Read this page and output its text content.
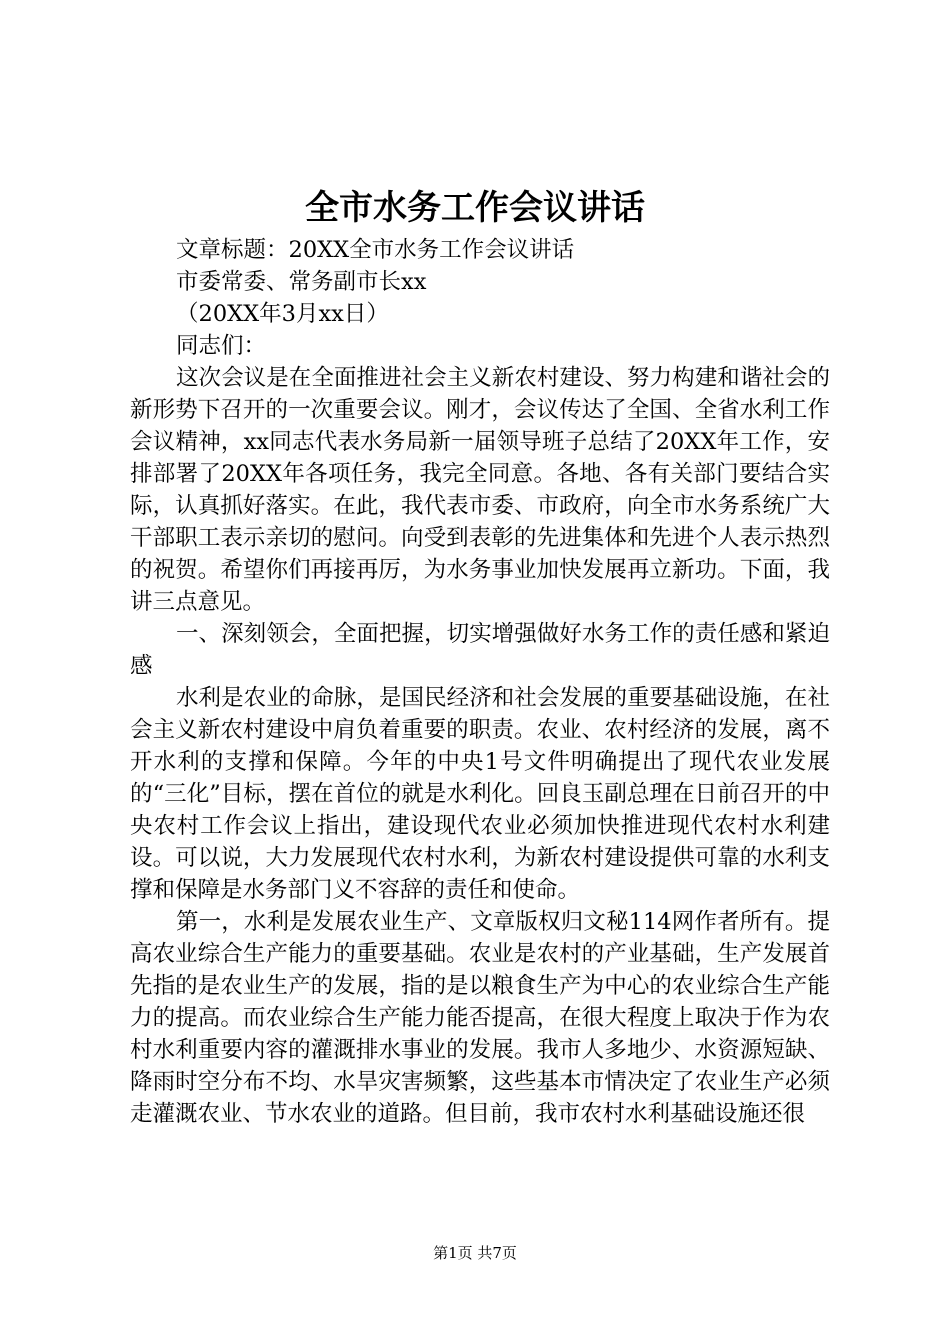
全市水务工作会议讲话

文章标题：20XX全市水务工作会议讲话

市委常委、常务副市长xx

（20XX年3月xx日）

同志们：

这次会议是在全面推进社会主义新农村建设、努力构建和谐社会的新形势下召开的一次重要会议。刚才，会议传达了全国、全省水利工作会议精神，xx同志代表水务局新一届领导班子总结了20XX年工作，安排部署了20XX年各项任务，我完全同意。各地、各有关部门要结合实际，认真抓好落实。在此，我代表市委、市政府，向全市水务系统广大干部职工表示亲切的慰问。向受到表彰的先进集体和先进个人表示热烈的祝贺。希望你们再接再厉，为水务事业加快发展再立新功。下面，我讲三点意见。

一、深刻领会，全面把握，切实增强做好水务工作的责任感和紧迫感

水利是农业的命脉，是国民经济和社会发展的重要基础设施，在社会主义新农村建设中肩负着重要的职责。农业、农村经济的发展，离不开水利的支撑和保障。今年的中央1号文件明确提出了现代农业发展的“三化”目标，摆在首位的就是水利化。回良玉副总理在日前召开的中央农村工作会议上指出，建设现代农业必须加快推进现代农村水利建设。可以说，大力发展现代农村水利，为新农村建设提供可靠的水利支撑和保障是水务部门义不容辞的责任和使命。

第一，水利是发展农业生产、文章版权归文秘114网作者所有。提高农业综合生产能力的重要基础。农业是农村的产业基础，生产发展首先指的是农业生产的发展，指的是以粮食生产为中心的农业综合生产能力的提高。而农业综合生产能力能否提高，在很大程度上取决于作为农村水利重要内容的灌溉排水事业的发展。我市人多地少、水资源短缺、降雨时空分布不均、水旱灾害频繁，这些基本市情决定了农业生产必须走灌溉农业、节水农业的道路。但目前，我市农村水利基础设施还很

第1页 共7页
